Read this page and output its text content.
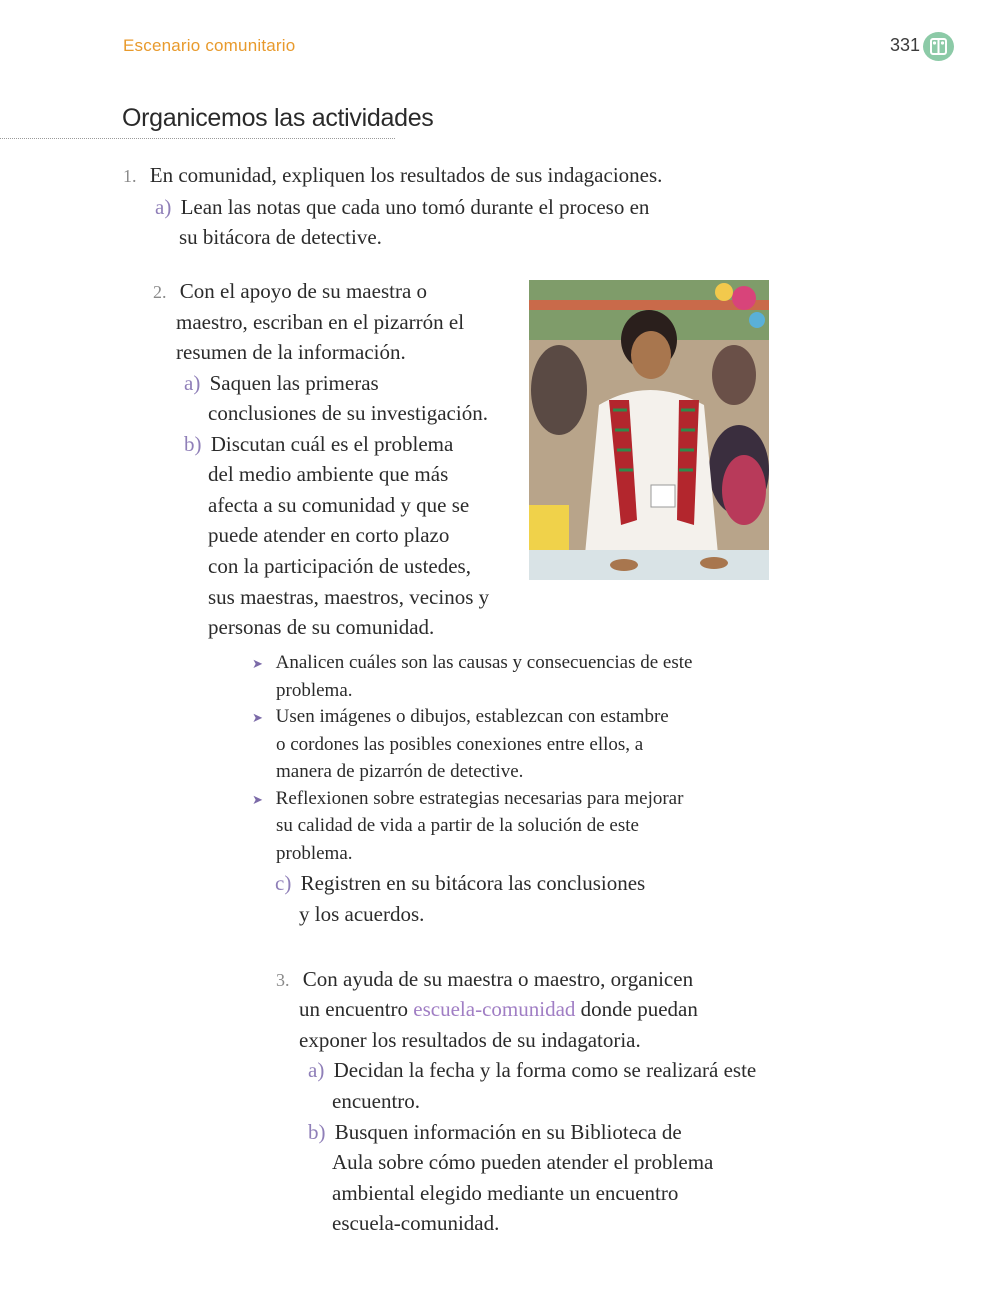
Escenario comunitario	331
Organicemos las actividades
1. En comunidad, expliquen los resultados de sus indagaciones.
a) Lean las notas que cada uno tomó durante el proceso en
su bitácora de detective.
2. Con el apoyo de su maestra o
maestro, escriban en el pizarrón el
resumen de la información.
a) Saquen las primeras
conclusiones de su investigación.
b) Discutan cuál es el problema
del medio ambiente que más
afecta a su comunidad y que se
puede atender en corto plazo
con la participación de ustedes,
sus maestras, maestros, vecinos y
personas de su comunidad.
➤ Analicen cuáles son las causas y consecuencias de este
problema.
➤ Usen imágenes o dibujos, establezcan con estambre
o cordones las posibles conexiones entre ellos, a
manera de pizarrón de detective.
➤ Reflexionen sobre estrategias necesarias para mejorar
su calidad de vida a partir de la solución de este
problema.
c) Registren en su bitácora las conclusiones
y los acuerdos.
3. Con ayuda de su maestra o maestro, organicen
un encuentro escuela-comunidad donde puedan
exponer los resultados de su indagatoria.
a) Decidan la fecha y la forma como se realizará este
encuentro.
b) Busquen información en su Biblioteca de
Aula sobre cómo pueden atender el problema
ambiental elegido mediante un encuentro
escuela-comunidad.
